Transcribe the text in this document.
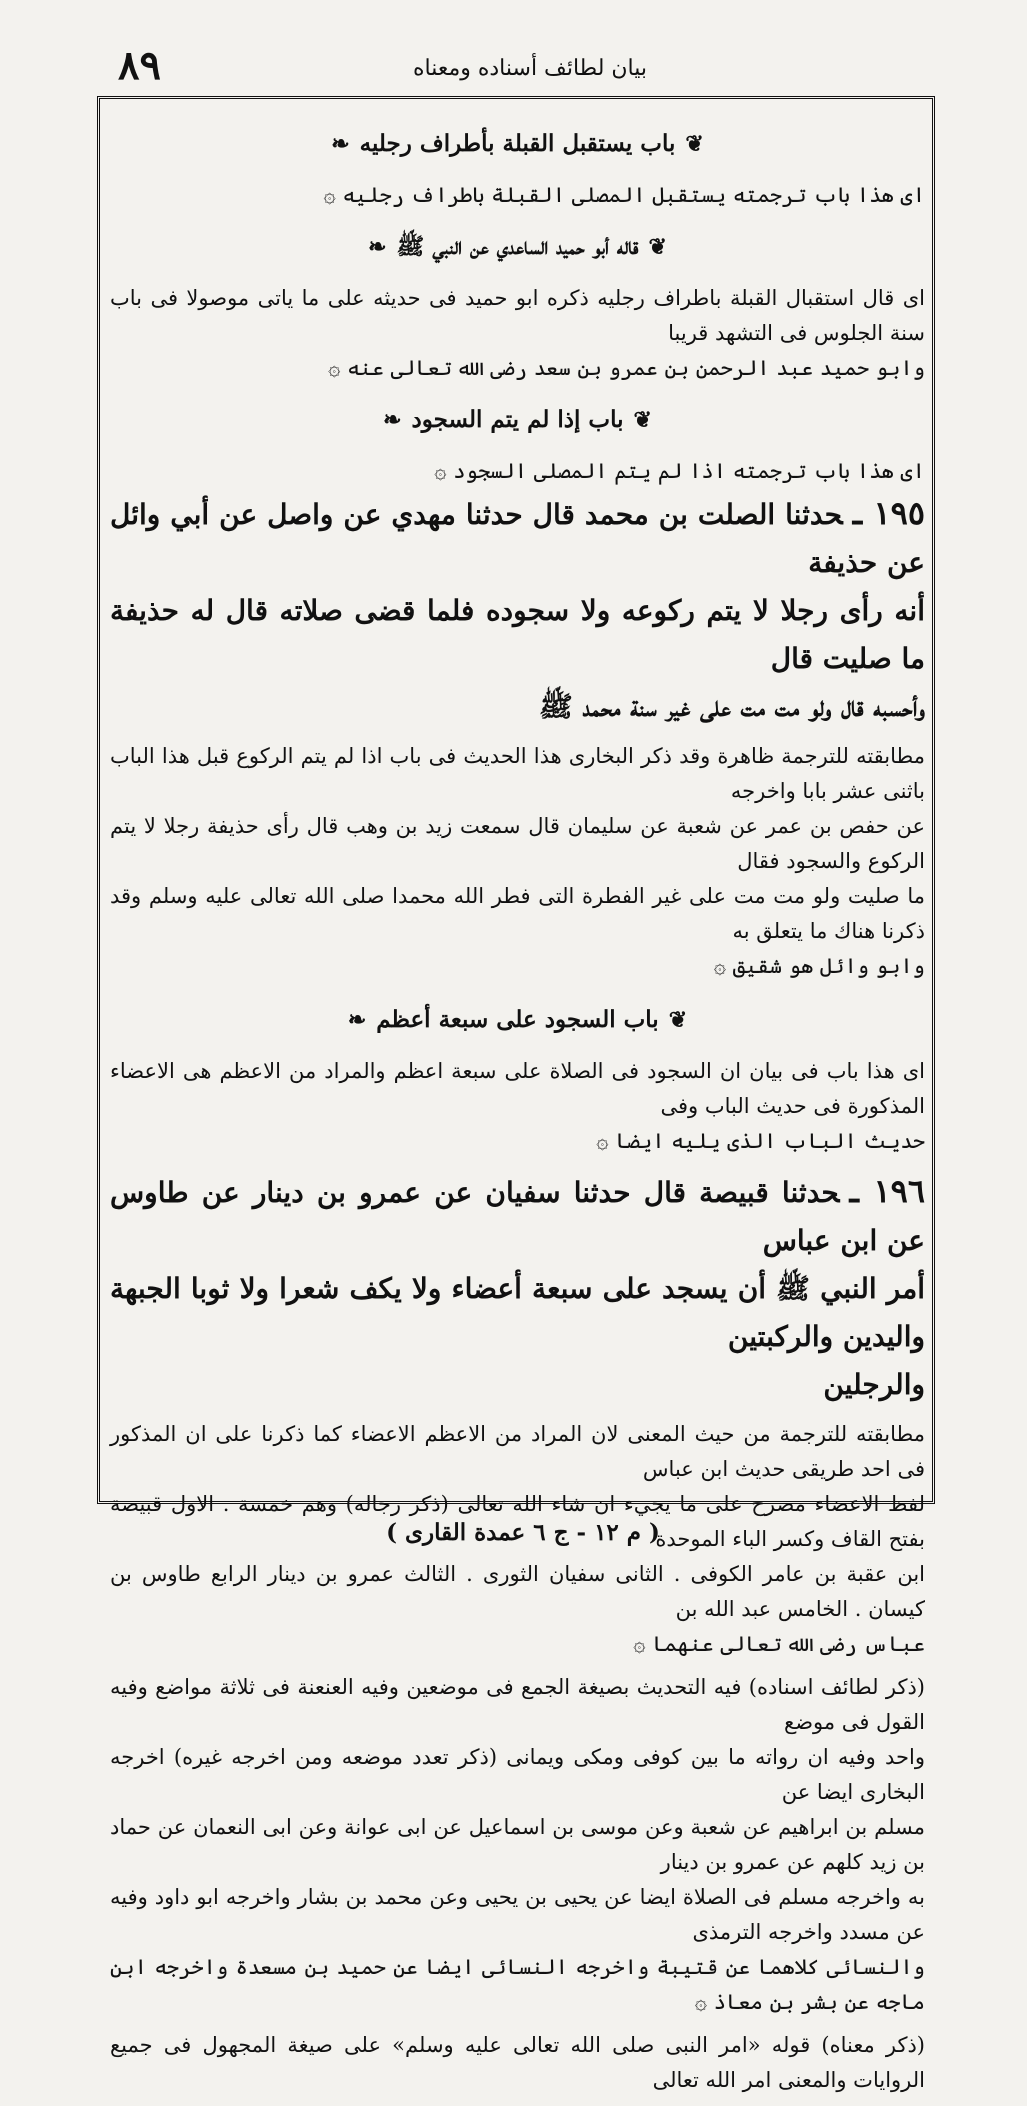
٨٩	بيان لطائف أسناده ومعناه
❦باب يستقبل القبلة بأطراف رجليه❧

اى هذا باب ترجمته يستقبل المصلى القبلة باطراف رجليه ۞

❦قاله أبو حميد الساعدي عن النبي ﷺ❧

اى قال استقبال القبلة باطراف رجليه ذكره ابو حميد فى حديثه على ما ياتى موصولا فى باب سنة الجلوس فى التشهد قريبا

وابو حميد عبد الرحمن بن عمرو بن سعد رضى الله تعالى عنه ۞

❦باب إذا لم يتم السجود❧

اى هذا باب ترجمته اذا لم يتم المصلى السجود ۞

١٩٥ ـحدثنا الصلت بن محمد قال حدثنا مهدي عن واصل عن أبي وائل عن حذيفة

أنه رأى رجلا لا يتم ركوعه ولا سجوده فلما قضى صلاته قال له حذيفة ما صليت قال

وأحسبه قال ولو مت مت على غير سنة محمد ﷺ

مطابقته للترجمة ظاهرة وقد ذكر البخارى هذا الحديث فى باب اذا لم يتم الركوع قبل هذا الباب باثنى عشر بابا واخرجه

عن حفص بن عمر عن شعبة عن سليمان قال سمعت زيد بن وهب قال رأى حذيفة رجلا لا يتم الركوع والسجود فقال

ما صليت ولو مت مت على غير الفطرة التى فطر الله محمدا صلى الله تعالى عليه وسلم وقد ذكرنا هناك ما يتعلق به

وابو وائل هو شقيق ۞

❦باب السجود على سبعة أعظم❧

اى هذا باب فى بيان ان السجود فى الصلاة على سبعة اعظم والمراد من الاعظم هى الاعضاء المذكورة فى حديث الباب وفى

حديث الباب الذى يليه ايضا ۞

١٩٦ ـحدثنا قبيصة قال حدثنا سفيان عن عمرو بن دينار عن طاوس عن ابن عباس

أمر النبي ﷺ أن يسجد على سبعة أعضاء ولا يكف شعرا ولا ثوبا الجبهة واليدين والركبتين

والرجلين

مطابقته للترجمة من حيث المعنى لان المراد من الاعظم الاعضاء كما ذكرنا على ان المذكور فى احد طريقى حديث ابن عباس

لفظ الاعضاء مصرح على ما يجيء ان شاء الله تعالى (ذكر رجاله) وهم خمسة . الاول قبيصة بفتح القاف وكسر الباء الموحدة

ابن عقبة بن عامر الكوفى . الثانى سفيان الثورى . الثالث عمرو بن دينار الرابع طاوس بن كيسان . الخامس عبد الله بن

عباس رضى الله تعالى عنهما ۞

(ذكر لطائف اسناده) فيه التحديث بصيغة الجمع فى موضعين وفيه العنعنة فى ثلاثة مواضع وفيه القول فى موضع

واحد وفيه ان رواته ما بين كوفى ومكى ويمانى (ذكر تعدد موضعه ومن اخرجه غيره) اخرجه البخارى ايضا عن

مسلم بن ابراهيم عن شعبة وعن موسى بن اسماعيل عن ابى عوانة وعن ابى النعمان عن حماد بن زيد كلهم عن عمرو بن دينار

به واخرجه مسلم فى الصلاة ايضا عن يحيى بن يحيى وعن محمد بن بشار واخرجه ابو داود وفيه عن مسدد واخرجه الترمذى

والنسائى كلاهما عن قتيبة واخرجه النسائى ايضا عن حميد بن مسعدة واخرجه ابن ماجه عن بشر بن معاذ ۞

(ذكر معناه) قوله «امر النبى صلى الله تعالى عليه وسلم» على صيغة المجهول فى جميع الروايات والمعنى امر الله تعالى

( م ١٢ - ج ٦ عمدة القارى )
